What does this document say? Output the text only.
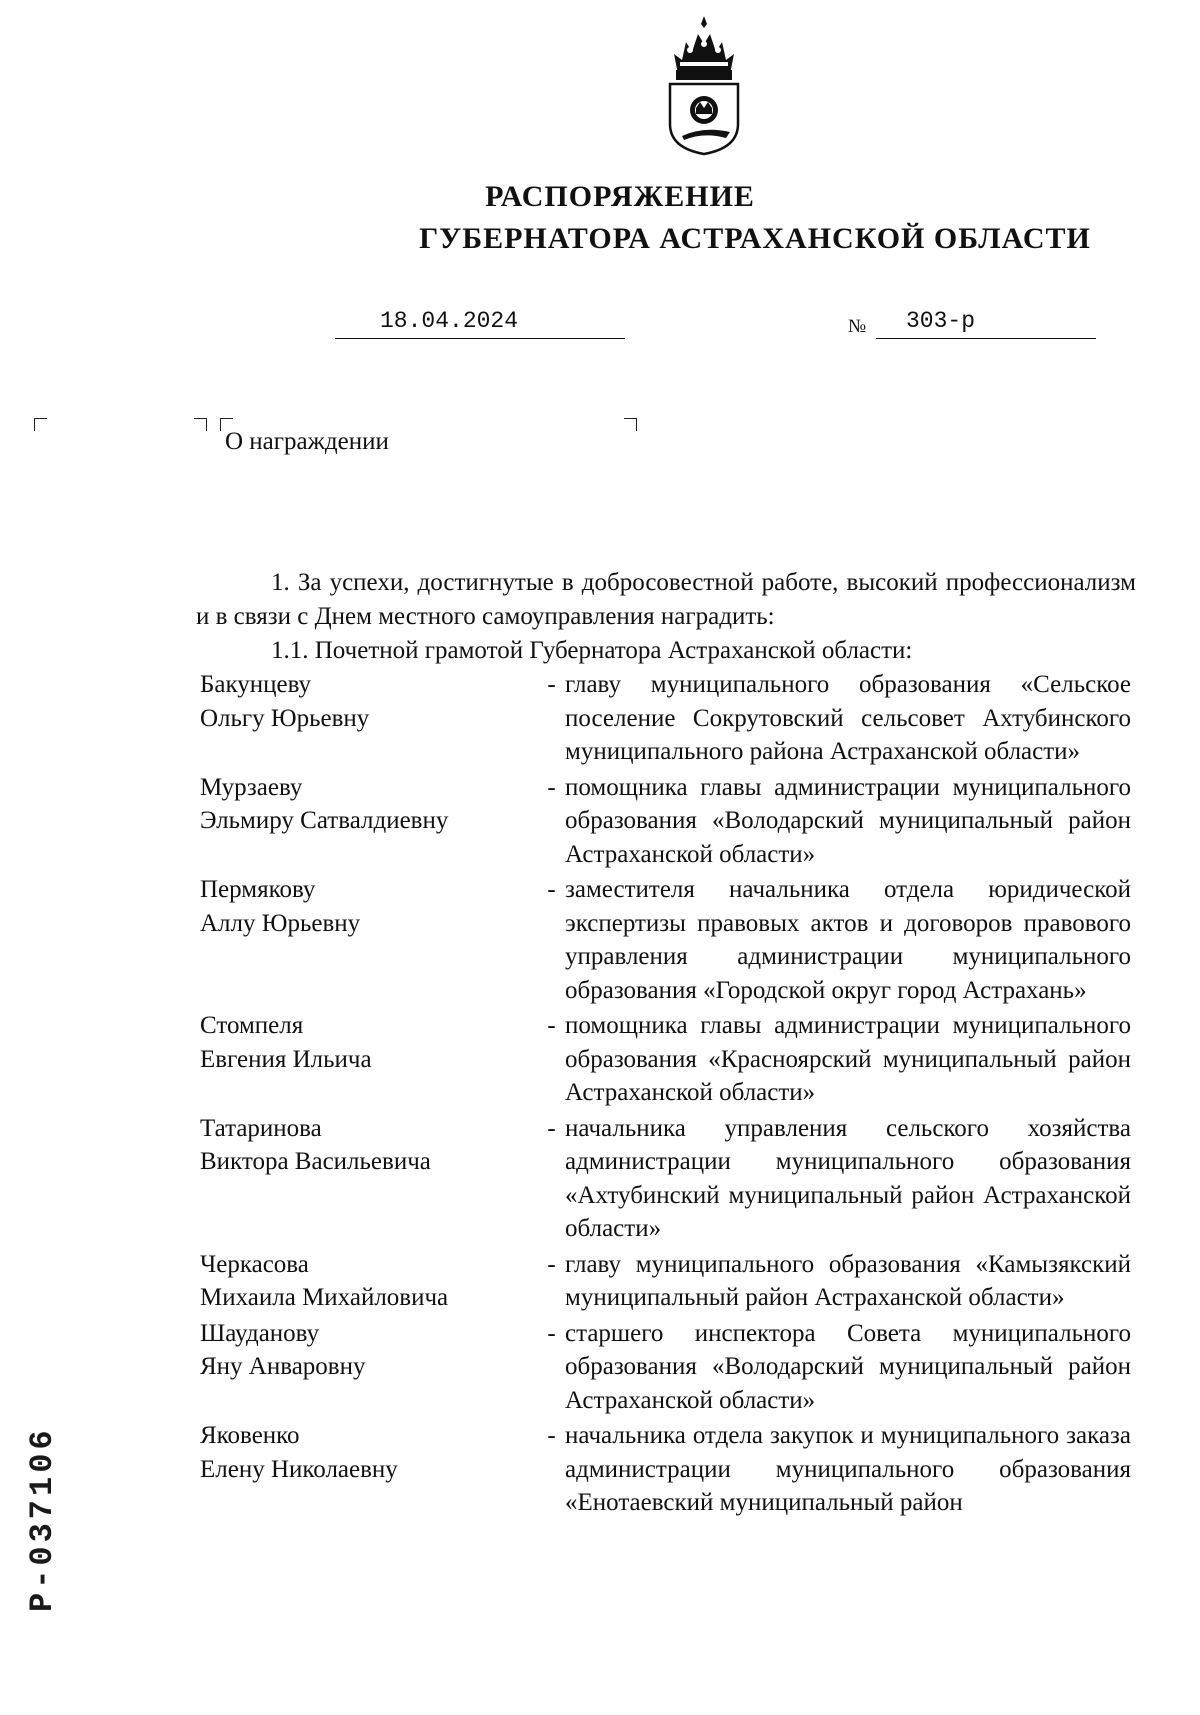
РАСПОРЯЖЕНИЕ
ГУБЕРНАТОРА АСТРАХАНСКОЙ ОБЛАСТИ
18.04.2024	№ 303-р
О награждении
1. За успехи, достигнутые в добросовестной работе, высокий профессионализм и в связи с Днем местного самоуправления наградить:
1.1. Почетной грамотой Губернатора Астраханской области:
Бакунцеву
Ольгу Юрьевну
- главу муниципального образования «Сельское поселение Сокрутовский сельсовет Ахтубинского муниципального района Астраханской области»
Мурзаеву
Эльмиру Сатвалдиевну
- помощника главы администрации муниципального образования «Володарский муниципальный район Астраханской области»
Пермякову
Аллу Юрьевну
- заместителя начальника отдела юридической экспертизы правовых актов и договоров правового управления администрации муниципального образования «Городской округ город Астрахань»
Стомпеля
Евгения Ильича
- помощника главы администрации муниципального образования «Красноярский муниципальный район Астраханской области»
Татаринова
Виктора Васильевича
- начальника управления сельского хозяйства администрации муниципального образования «Ахтубинский муниципальный район Астраханской области»
Черкасова
Михаила Михайловича
- главу муниципального образования «Камызякский муниципальный район Астраханской области»
Шауданову
Яну Анваровну
- старшего инспектора Совета муниципального образования «Володарский муниципальный район Астраханской области»
Яковенко
Елену Николаевну
- начальника отдела закупок и муниципального заказа администрации муниципального образования «Енотаевский муниципальный район
Р-037106
